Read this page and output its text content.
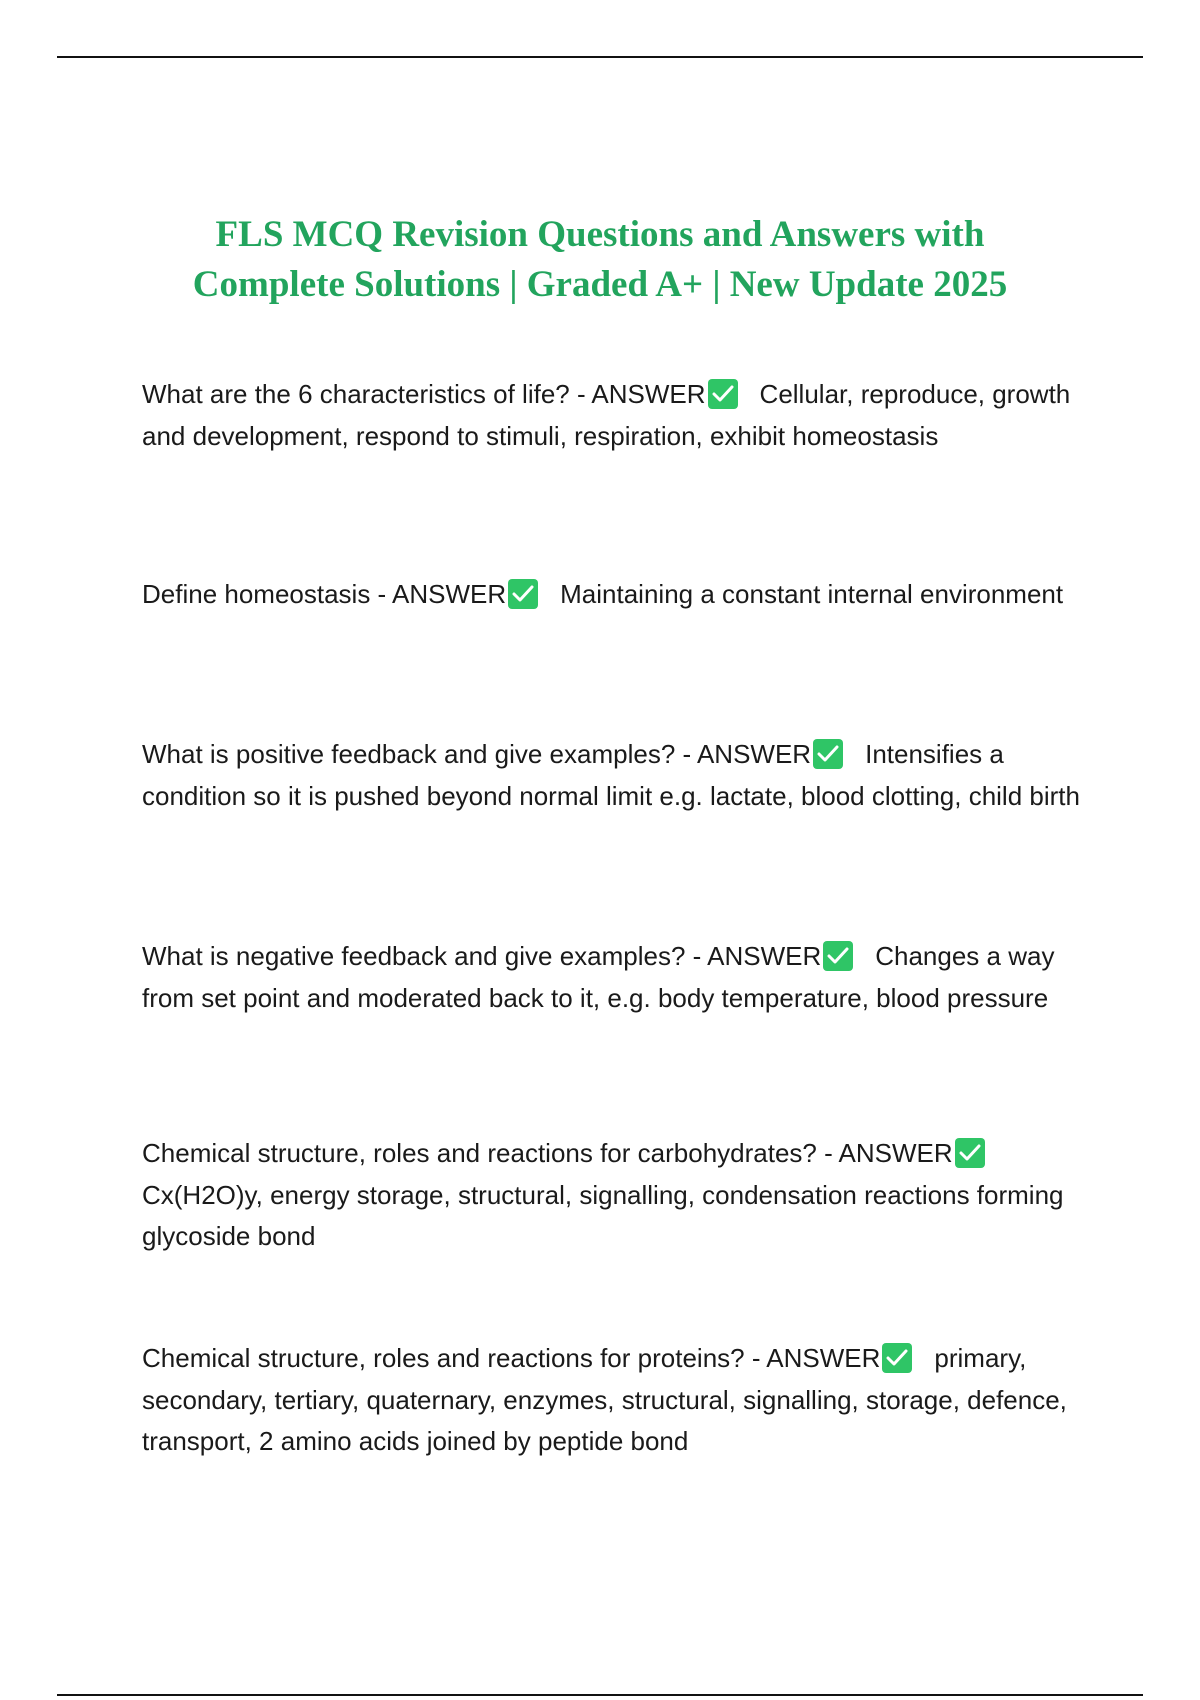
FLS MCQ Revision Questions and Answers with
Complete Solutions | Graded A+ | New Update 2025

What are the 6 characteristics of life? - ANSWER Cellular, reproduce, growth and development, respond to stimuli, respiration, exhibit homeostasis

Define homeostasis - ANSWER Maintaining a constant internal environment

What is positive feedback and give examples? - ANSWER Intensifies a condition so it is pushed beyond normal limit e.g. lactate, blood clotting, child birth

What is negative feedback and give examples? - ANSWER Changes a way from set point and moderated back to it, e.g. body temperature, blood pressure

Chemical structure, roles and reactions for carbohydrates? - ANSWER
Cx(H2O)y, energy storage, structural, signalling, condensation reactions forming glycoside bond

Chemical structure, roles and reactions for proteins? - ANSWER primary, secondary, tertiary, quaternary, enzymes, structural, signalling, storage, defence, transport, 2 amino acids joined by peptide bond
